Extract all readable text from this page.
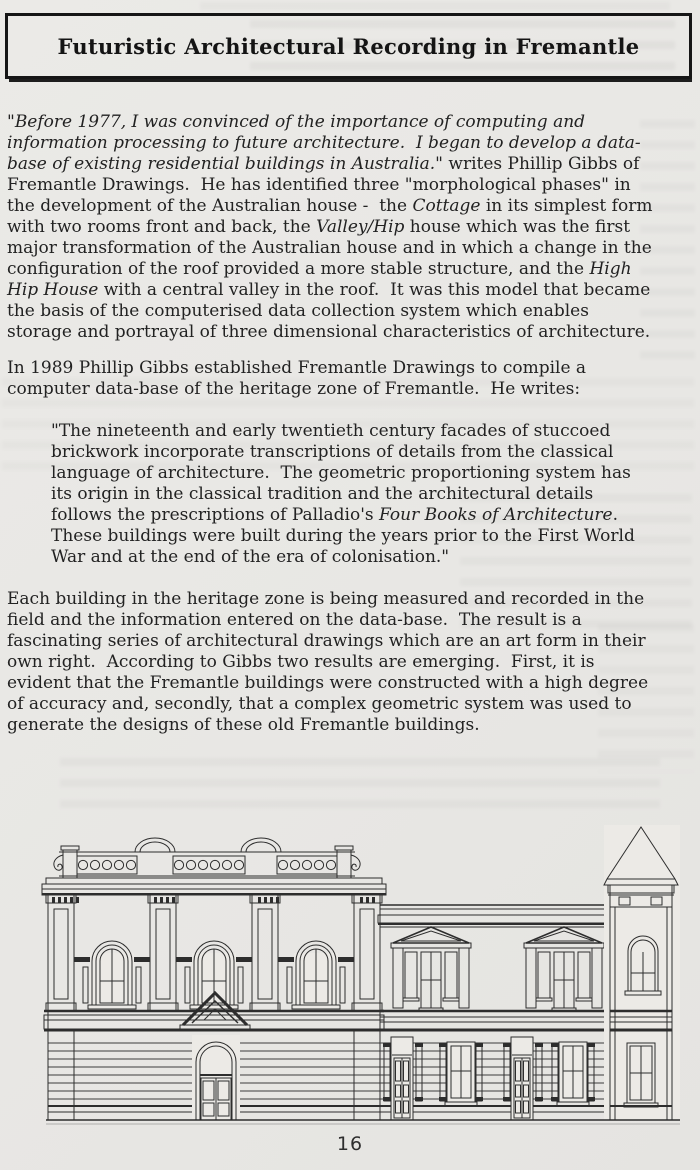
Futuristic Architectural Recording in Fremantle

"Before 1977, I was convinced of the importance of computing and information processing to future architecture.  I began to develop a data-base of existing residential buildings in Australia." writes Phillip Gibbs of Fremantle Drawings.  He has identified three "morphological phases" in the development of the Australian house -  the Cottage in its simplest form with two rooms front and back, the Valley/Hip house which was the first major transformation of the Australian house and in which a change in the configuration of the roof provided a more stable structure, and the High Hip House with a central valley in the roof.  It was this model that became the basis of the computerised data collection system which enables storage and portrayal of three dimensional characteristics of architecture.

In 1989 Phillip Gibbs established Fremantle Drawings to compile a computer data-base of the heritage zone of Fremantle.  He writes:

"The nineteenth and early twentieth century facades of stuccoed brickwork incorporate transcriptions of details from the classical language of architecture.  The geometric proportioning system has its origin in the classical tradition and the architectural details follows the prescriptions of Palladio's Four Books of Architecture.  These buildings were built during the years prior to the First World War and at the end of the era of colonisation."

Each building in the heritage zone is being measured and recorded in the field and the information entered on the data-base.  The result is a fascinating series of architectural drawings which are an art form in their own right.  According to Gibbs two results are emerging.  First, it is evident that the Fremantle buildings were constructed with a high degree of accuracy and, secondly, that a complex geometric system was used to generate the designs of these old Fremantle buildings.

16
